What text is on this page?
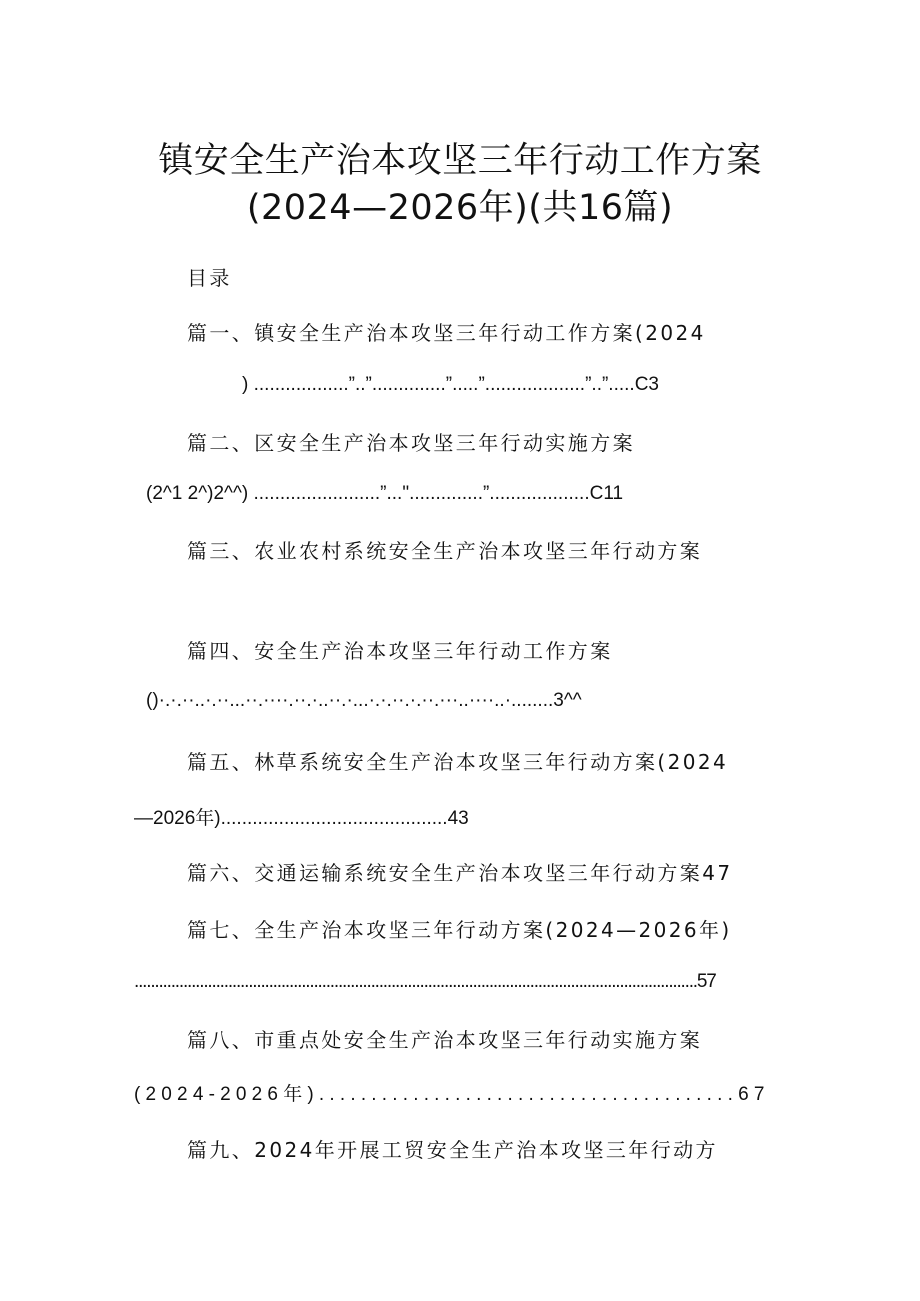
镇安全生产治本攻坚三年行动工作方案
(2024—2026年)(共16篇)
目录
篇一、镇安全生产治本攻坚三年行动工作方案(2024
) ..................”..”..............”.....”...................”..”.....C3
篇二、区安全生产治本攻坚三年行动实施方案
(2^1 2^)2^^) ........................”..."..............”...................C11
篇三、农业农村系统安全生产治本攻坚三年行动方案
篇四、安全生产治本攻坚三年行动工作方案
()·.·.··..·.··...··.····.··.·..··.·...·.·.··.·.··.···..····..·........3^^
篇五、林草系统安全生产治本攻坚三年行动方案(2024
—2026年)...........................................43
篇六、交通运输系统安全生产治本攻坚三年行动方案47
篇七、全生产治本攻坚三年行动方案(2024—2026年)
..........................................................................................................................................57
篇八、市重点处安全生产治本攻坚三年行动实施方案
(2024-2026年)........................................67
篇九、2024年开展工贸安全生产治本攻坚三年行动方
